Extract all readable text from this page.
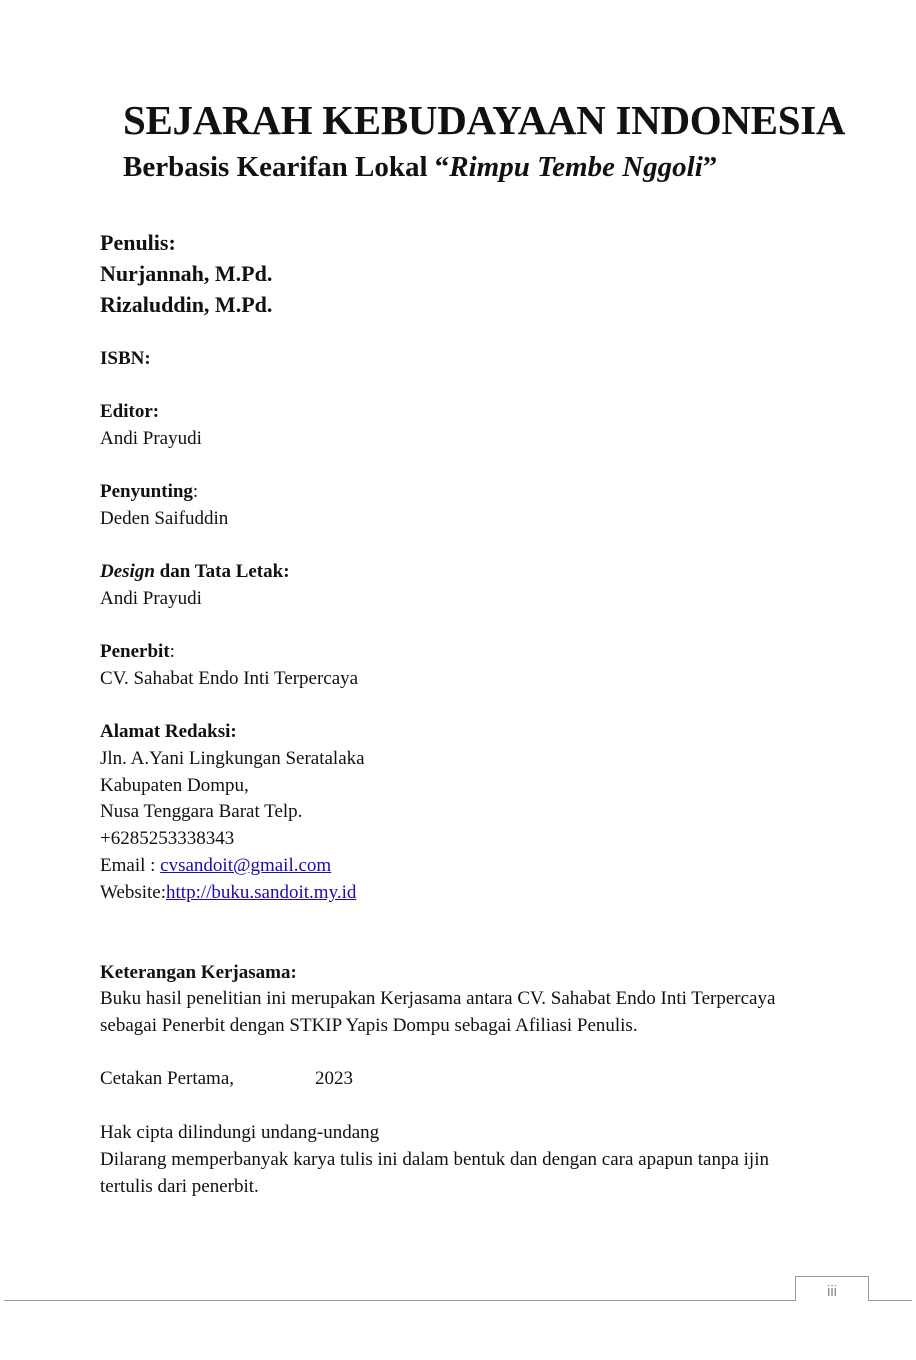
SEJARAH KEBUDAYAAN INDONESIA
Berbasis Kearifan Lokal “Rimpu Tembe Nggoli”
Penulis:
Nurjannah, M.Pd.
Rizaluddin, M.Pd.
ISBN:
Editor:
Andi Prayudi
Penyunting:
Deden Saifuddin
Design dan Tata Letak:
Andi Prayudi
Penerbit:
CV. Sahabat Endo Inti Terpercaya
Alamat Redaksi:
Jln. A.Yani Lingkungan Seratalaka
Kabupaten Dompu,
Nusa Tenggara Barat Telp.
+6285253338343
Email : cvsandoit@gmail.com
Website:http://buku.sandoit.my.id
Keterangan Kerjasama:
Buku hasil penelitian ini merupakan Kerjasama antara CV. Sahabat Endo Inti Terpercaya sebagai Penerbit dengan STKIP Yapis Dompu sebagai Afiliasi Penulis.
Cetakan Pertama,	2023
Hak cipta dilindungi undang-undang
Dilarang memperbanyak karya tulis ini dalam bentuk dan dengan cara apapun tanpa ijin tertulis dari penerbit.
iii
